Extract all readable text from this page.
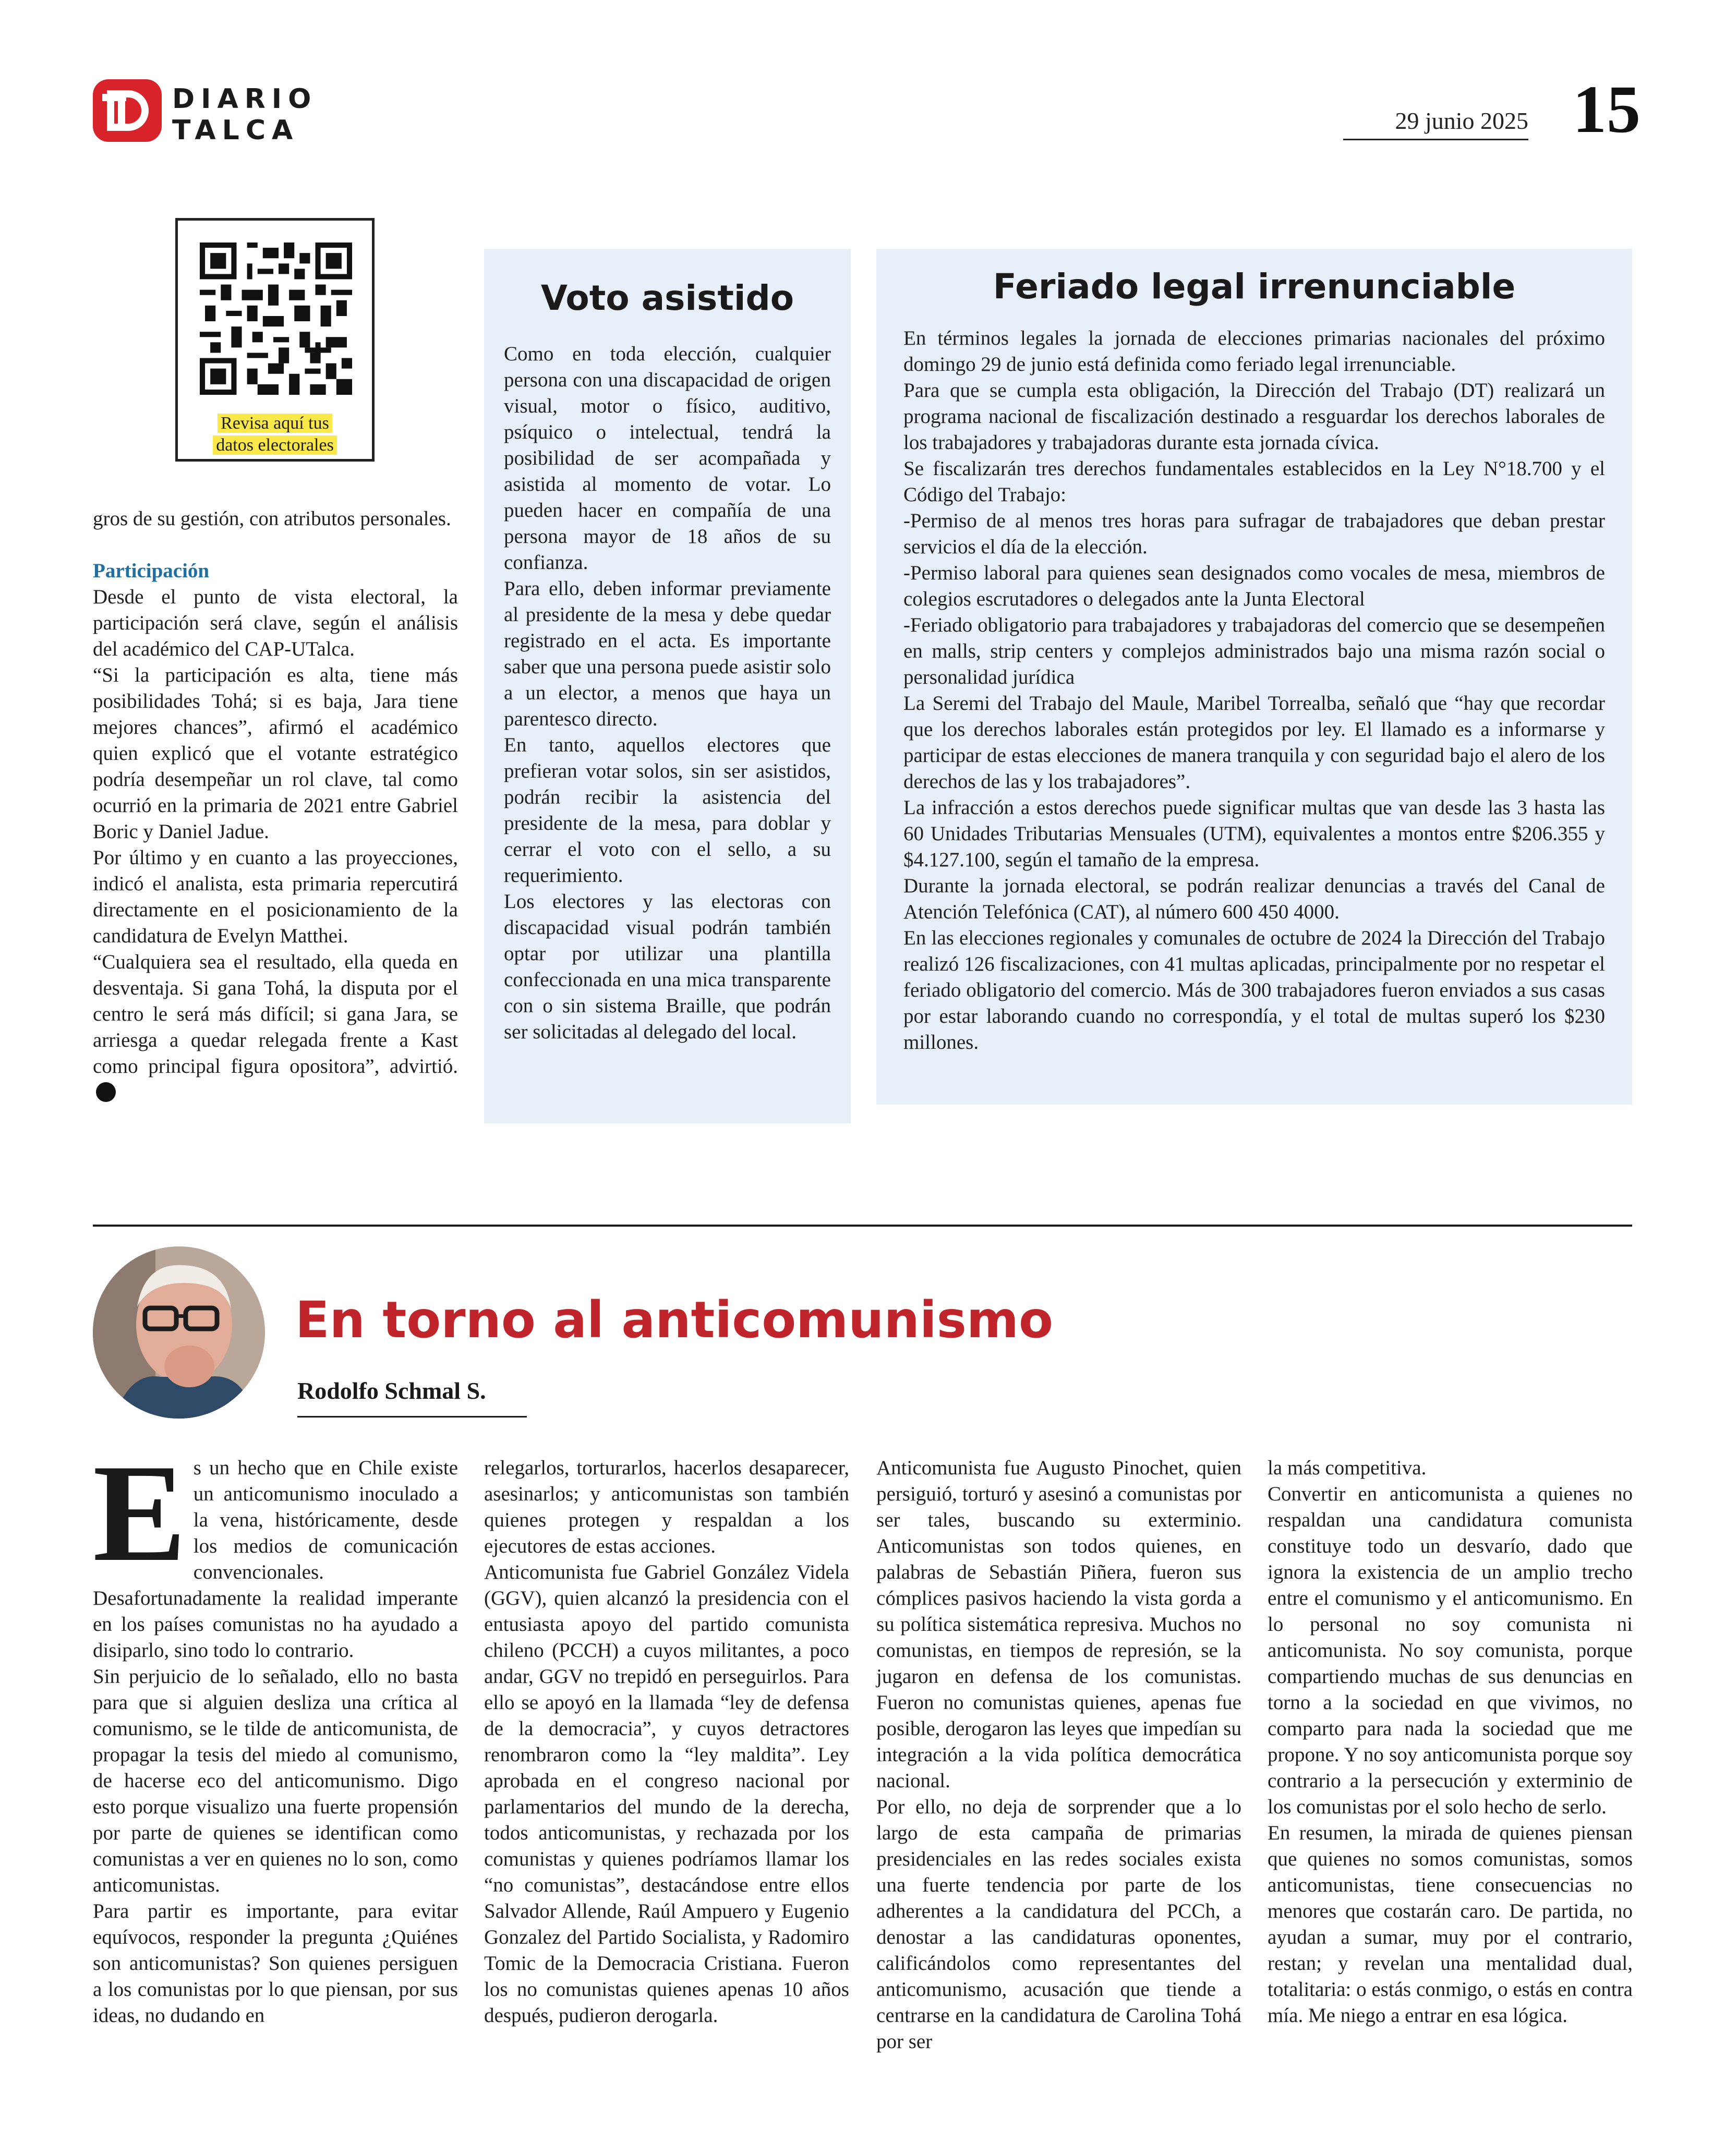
DIARIO
TALCA	29 junio 2025 15
Revisa aquí tus
datos electorales

gros de su gestión, con atributos personales.

Participación

Desde el punto de vista electoral, la participación será clave, según el análisis del académico del CAP-UTalca.

“Si la participación es alta, tiene más posibilidades Tohá; si es baja, Jara tiene mejores chances”, afirmó el académico quien explicó que el votante estratégico podría desempeñar un rol clave, tal como ocurrió en la primaria de 2021 entre Gabriel Boric y Daniel Jadue.

Por último y en cuanto a las proyecciones, indicó el analista, esta primaria repercutirá directamente en el posicionamiento de la candidatura de Evelyn Matthei.

“Cualquiera sea el resultado, ella queda en desventaja. Si gana Tohá, la disputa por el centro le será más difícil; si gana Jara, se arriesga a quedar relegada frente a Kast como principal figura opositora”, advirtió.

Voto asistido

Como en toda elección, cualquier persona con una discapacidad de origen visual, motor o físico, auditivo, psíquico o intelectual, tendrá la posibilidad de ser acompañada y asistida al momento de votar. Lo pueden hacer en compañía de una persona mayor de 18 años de su confianza.

Para ello, deben informar previamente al presidente de la mesa y debe quedar registrado en el acta. Es importante saber que una persona puede asistir solo a un elector, a menos que haya un parentesco directo.

En tanto, aquellos electores que prefieran votar solos, sin ser asistidos, podrán recibir la asistencia del presidente de la mesa, para doblar y cerrar el voto con el sello, a su requerimiento.

Los electores y las electoras con discapacidad visual podrán también optar por utilizar una plantilla confeccionada en una mica transparente con o sin sistema Braille, que podrán ser solicitadas al delegado del local.

Feriado legal irrenunciable

En términos legales la jornada de elecciones primarias nacionales del próximo domingo 29 de junio está definida como feriado legal irrenunciable.

Para que se cumpla esta obligación, la Dirección del Trabajo (DT) realizará un programa nacional de fiscalización destinado a resguardar los derechos laborales de los trabajadores y trabajadoras durante esta jornada cívica.

Se fiscalizarán tres derechos fundamentales establecidos en la Ley N°18.700 y el Código del Trabajo:

-Permiso de al menos tres horas para sufragar de trabajadores que deban prestar servicios el día de la elección.

-Permiso laboral para quienes sean designados como vocales de mesa, miembros de colegios escrutadores o delegados ante la Junta Electoral

-Feriado obligatorio para trabajadores y trabajadoras del comercio que se desempeñen en malls, strip centers y complejos administrados bajo una misma razón social o personalidad jurídica

La Seremi del Trabajo del Maule, Maribel Torrealba, señaló que “hay que recordar que los derechos laborales están protegidos por ley. El llamado es a informarse y participar de estas elecciones de manera tranquila y con seguridad bajo el alero de los derechos de las y los trabajadores”.

La infracción a estos derechos puede significar multas que van desde las 3 hasta las 60 Unidades Tributarias Mensuales (UTM), equivalentes a montos entre $206.355 y $4.127.100, según el tamaño de la empresa.

Durante la jornada electoral, se podrán realizar denuncias a través del Canal de Atención Telefónica (CAT), al número 600 450 4000.

En las elecciones regionales y comunales de octubre de 2024 la Dirección del Trabajo realizó 126 fiscalizaciones, con 41 multas aplicadas, principalmente por no respetar el feriado obligatorio del comercio. Más de 300 trabajadores fueron enviados a sus casas por estar laborando cuando no correspondía, y el total de multas superó los $230 millones.

En torno al anticomunismo
Rodolfo Schmal S.
E s un hecho que en Chile existe un anticomunismo inoculado a la vena, históricamente, desde los medios de comunicación convencionales. Desafortunadamente la realidad imperante en los países comunistas no ha ayudado a disiparlo, sino todo lo contrario.

Sin perjuicio de lo señalado, ello no basta para que si alguien desliza una crítica al comunismo, se le tilde de anticomunista, de propagar la tesis del miedo al comunismo, de hacerse eco del anticomunismo. Digo esto porque visualizo una fuerte propensión por parte de quienes se identifican como comunistas a ver en quienes no lo son, como anticomunistas.

Para partir es importante, para evitar equívocos, responder la pregunta ¿Quiénes son anticomunistas? Son quienes persiguen a los comunistas por lo que piensan, por sus ideas, no dudando en

relegarlos, torturarlos, hacerlos desaparecer, asesinarlos; y anticomunistas son también quienes protegen y respaldan a los ejecutores de estas acciones.

Anticomunista fue Gabriel González Videla (GGV), quien alcanzó la presidencia con el entusiasta apoyo del partido comunista chileno (PCCH) a cuyos militantes, a poco andar, GGV no trepidó en perseguirlos. Para ello se apoyó en la llamada “ley de defensa de la democracia”, y cuyos detractores renombraron como la “ley maldita”. Ley aprobada en el congreso nacional por parlamentarios del mundo de la derecha, todos anticomunistas, y rechazada por los comunistas y quienes podríamos llamar los “no comunistas”, destacándose entre ellos Salvador Allende, Raúl Ampuero y Eugenio Gonzalez del Partido Socialista, y Radomiro Tomic de la Democracia Cristiana. Fueron los no comunistas quienes apenas 10 años después, pudieron derogarla.

Anticomunista fue Augusto Pinochet, quien persiguió, torturó y asesinó a comunistas por ser tales, buscando su exterminio. Anticomunistas son todos quienes, en palabras de Sebastián Piñera, fueron sus cómplices pasivos haciendo la vista gorda a su política sistemática represiva. Muchos no comunistas, en tiempos de represión, se la jugaron en defensa de los comunistas. Fueron no comunistas quienes, apenas fue posible, derogaron las leyes que impedían su integración a la vida política democrática nacional.

Por ello, no deja de sorprender que a lo largo de esta campaña de primarias presidenciales en las redes sociales exista una fuerte tendencia por parte de los adherentes a la candidatura del PCCh, a denostar a las candidaturas oponentes, calificándolos como representantes del anticomunismo, acusación que tiende a centrarse en la candidatura de Carolina Tohá por ser

la más competitiva.

Convertir en anticomunista a quienes no respaldan una candidatura comunista constituye todo un desvarío, dado que ignora la existencia de un amplio trecho entre el comunismo y el anticomunismo. En lo personal no soy comunista ni anticomunista. No soy comunista, porque compartiendo muchas de sus denuncias en torno a la sociedad en que vivimos, no comparto para nada la sociedad que me propone. Y no soy anticomunista porque soy contrario a la persecución y exterminio de los comunistas por el solo hecho de serlo.

En resumen, la mirada de quienes piensan que quienes no somos comunistas, somos anticomunistas, tiene consecuencias no menores que costarán caro. De partida, no ayudan a sumar, muy por el contrario, restan; y revelan una mentalidad dual, totalitaria: o estás conmigo, o estás en contra mía. Me niego a entrar en esa lógica.
